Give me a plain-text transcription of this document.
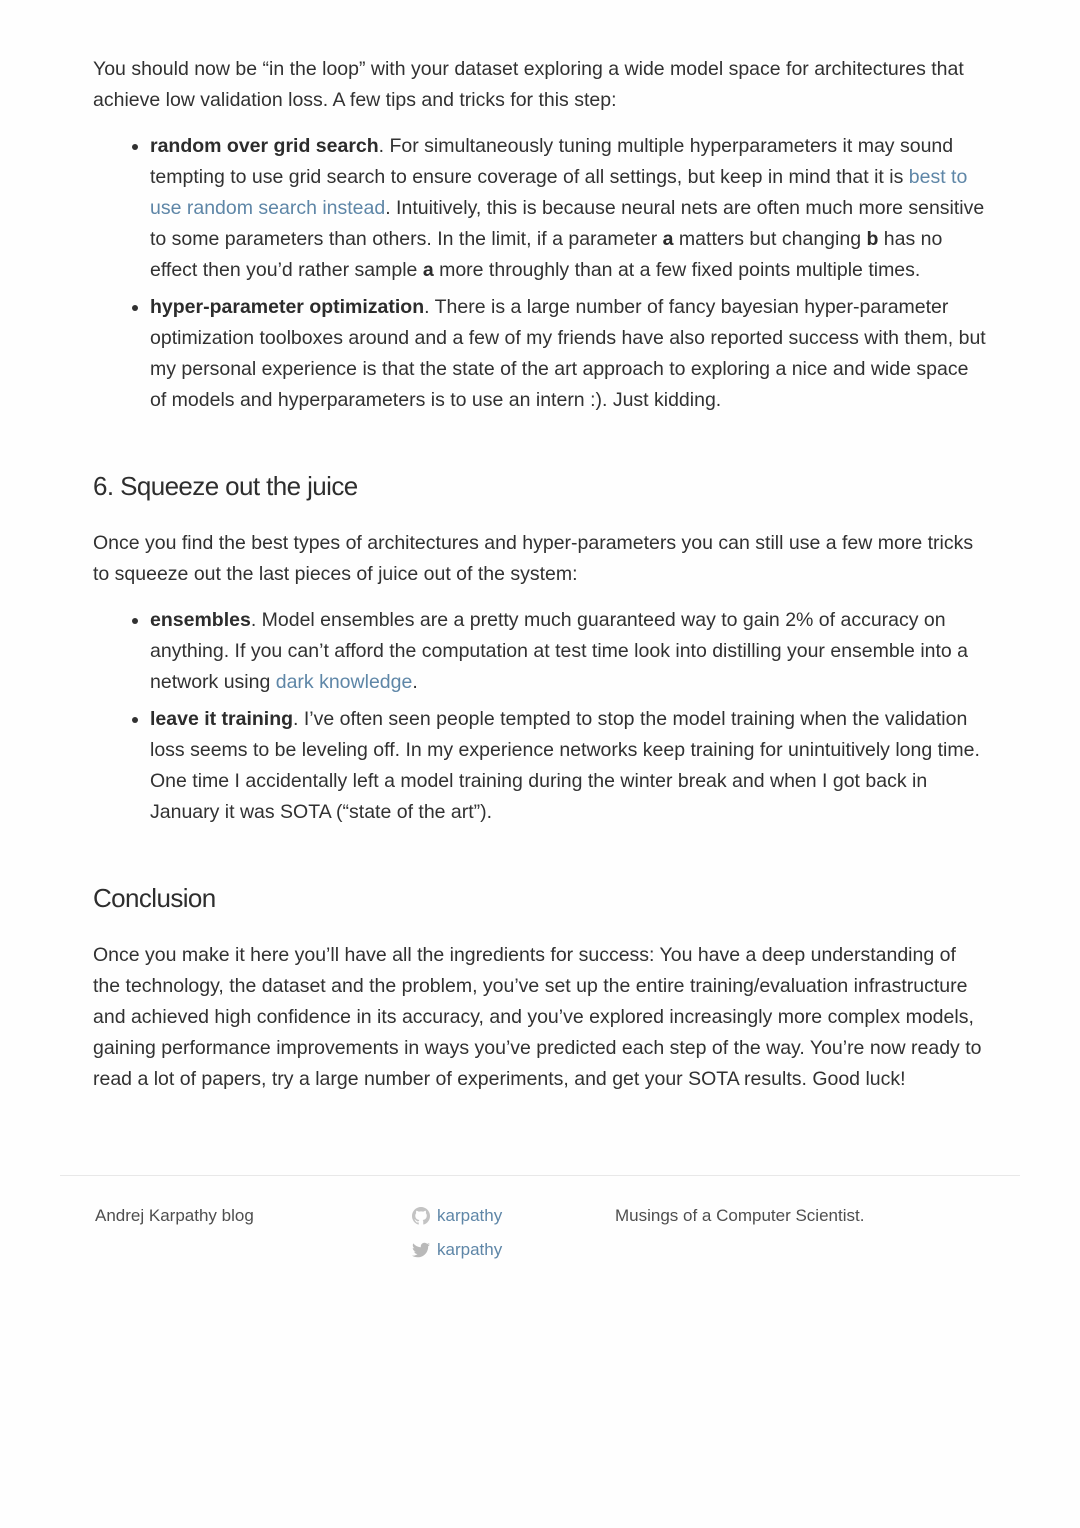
You should now be “in the loop” with your dataset exploring a wide model space for architectures that achieve low validation loss. A few tips and tricks for this step:

• random over grid search. For simultaneously tuning multiple hyperparameters it may sound tempting to use grid search to ensure coverage of all settings, but keep in mind that it is best to use random search instead. Intuitively, this is because neural nets are often much more sensitive to some parameters than others. In the limit, if a parameter a matters but changing b has no effect then you’d rather sample a more throughly than at a few fixed points multiple times.
• hyper-parameter optimization. There is a large number of fancy bayesian hyper-parameter optimization toolboxes around and a few of my friends have also reported success with them, but my personal experience is that the state of the art approach to exploring a nice and wide space of models and hyperparameters is to use an intern :). Just kidding.
6. Squeeze out the juice

Once you find the best types of architectures and hyper-parameters you can still use a few more tricks to squeeze out the last pieces of juice out of the system:

• ensembles. Model ensembles are a pretty much guaranteed way to gain 2% of accuracy on anything. If you can’t afford the computation at test time look into distilling your ensemble into a network using dark knowledge.
• leave it training. I’ve often seen people tempted to stop the model training when the validation loss seems to be leveling off. In my experience networks keep training for unintuitively long time. One time I accidentally left a model training during the winter break and when I got back in January it was SOTA (“state of the art”).
Conclusion

Once you make it here you’ll have all the ingredients for success: You have a deep understanding of the technology, the dataset and the problem, you’ve set up the entire training/evaluation infrastructure and achieved high confidence in its accuracy, and you’ve explored increasingly more complex models, gaining performance improvements in ways you’ve predicted each step of the way. You’re now ready to read a lot of papers, try a large number of experiments, and get your SOTA results. Good luck!

Andrej Karpathy blog	karpathy
karpathy
Musings of a Computer Scientist.
